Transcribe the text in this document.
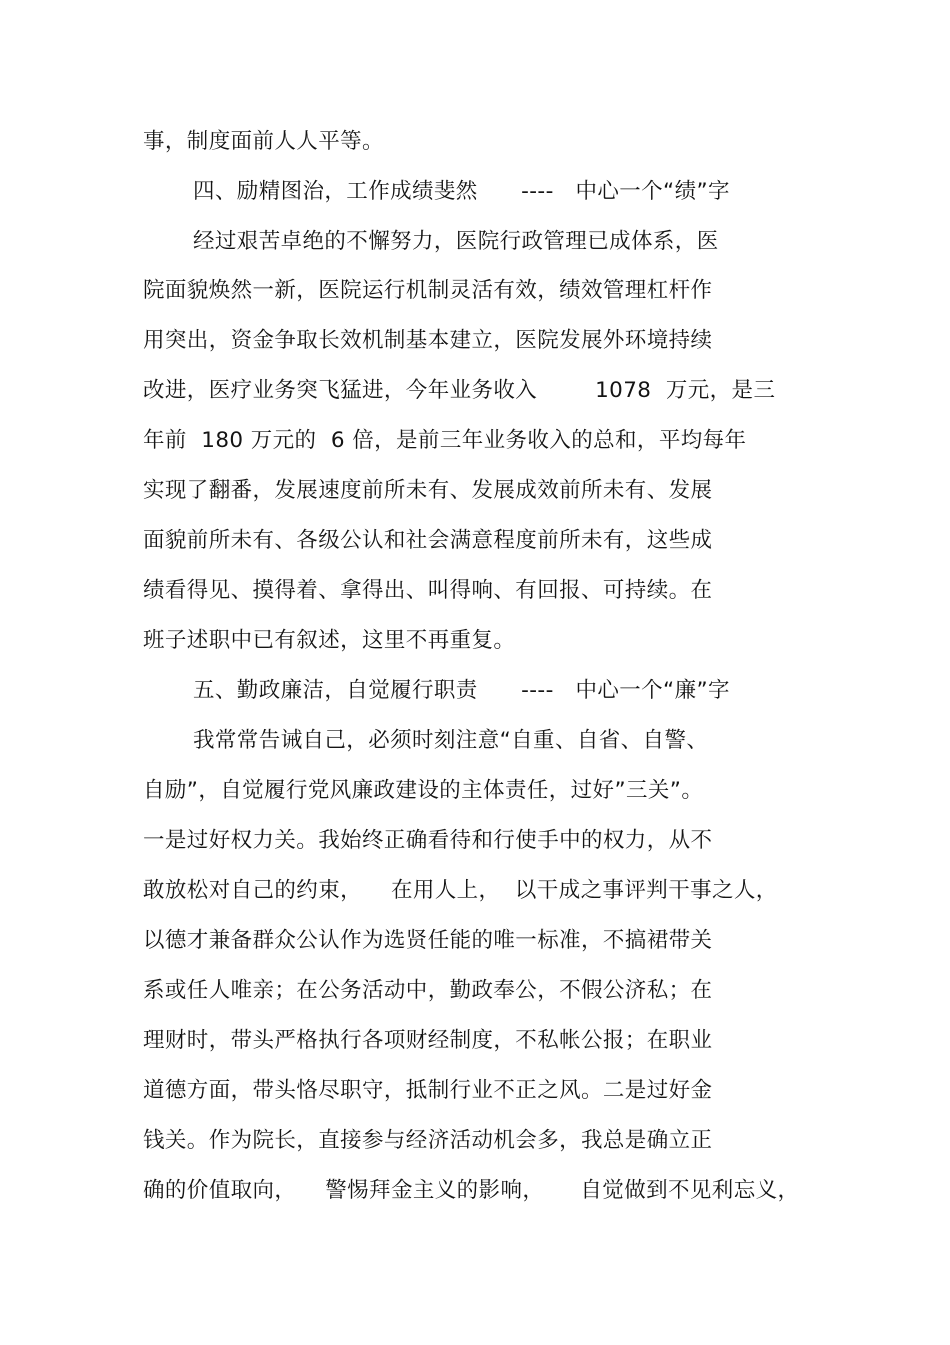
事，制度面前人人平等。
四、励精图治，工作成绩斐然      ----   中心一个“绩”字
经过艰苦卓绝的不懈努力，医院行政管理已成体系，医
院面貌焕然一新，医院运行机制灵活有效，绩效管理杠杆作
用突出，资金争取长效机制基本建立，医院发展外环境持续
改进，医疗业务突飞猛进，今年业务收入        1078  万元，是三
年前  180 万元的  6 倍，是前三年业务收入的总和，平均每年
实现了翻番，发展速度前所未有、发展成效前所未有、发展
面貌前所未有、各级公认和社会满意程度前所未有，这些成
绩看得见、摸得着、拿得出、叫得响、有回报、可持续。在
班子述职中已有叙述，这里不再重复。
五、勤政廉洁，自觉履行职责      ----   中心一个“廉”字
我常常告诫自己，必须时刻注意“自重、自省、自警、
自励”，自觉履行党风廉政建设的主体责任，过好”三关”。
一是过好权力关。我始终正确看待和行使手中的权力，从不
敢放松对自己的约束，    在用人上，  以干成之事评判干事之人，
以德才兼备群众公认作为选贤任能的唯一标准，不搞裙带关
系或任人唯亲；在公务活动中，勤政奉公，不假公济私；在
理财时，带头严格执行各项财经制度，不私帐公报；在职业
道德方面，带头恪尽职守，抵制行业不正之风。二是过好金
钱关。作为院长，直接参与经济活动机会多，我总是确立正
确的价值取向，    警惕拜金主义的影响，     自觉做到不见利忘义，
